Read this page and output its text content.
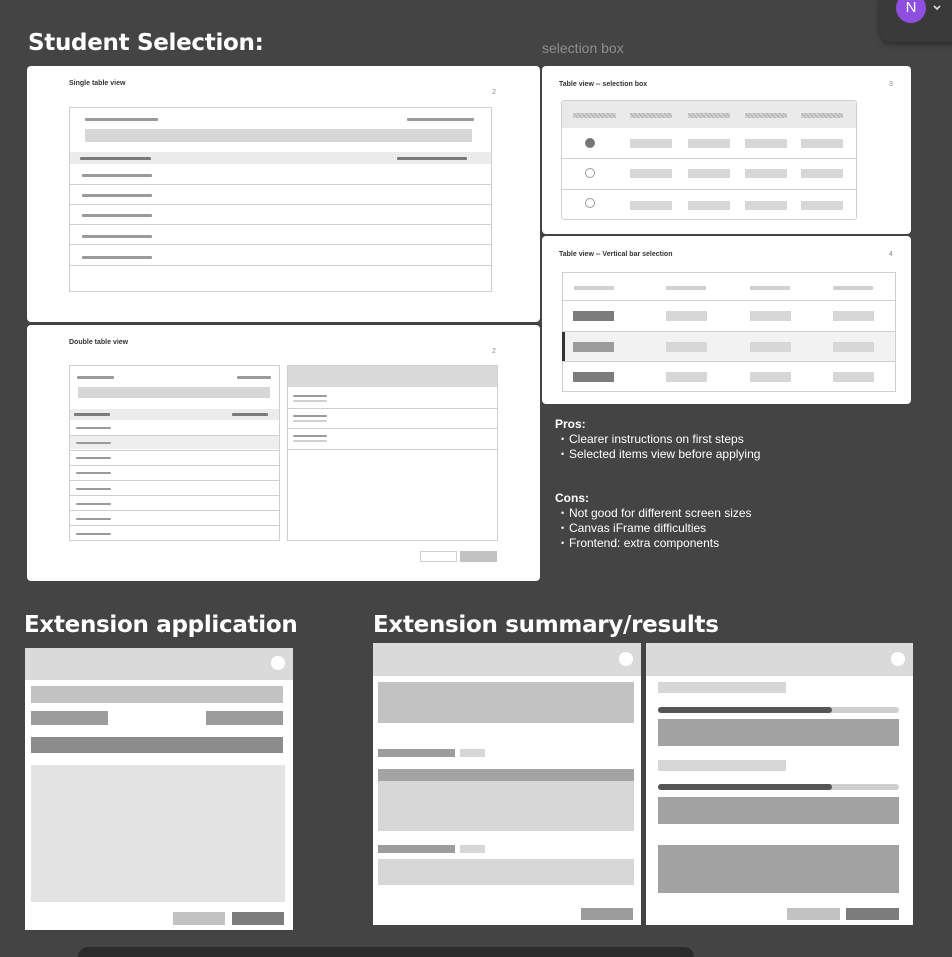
Student Selection:	selection box
N
Single table view
2
Double table view
2
Table view -- selection box	3
Table view -- Vertical bar selection	4
Pros:
• Clearer instructions on first steps
• Selected items view before applying
Cons:
• Not good for different screen sizes
• Canvas iFrame difficulties
• Frontend: extra components
Extension application	Extension summary/results
